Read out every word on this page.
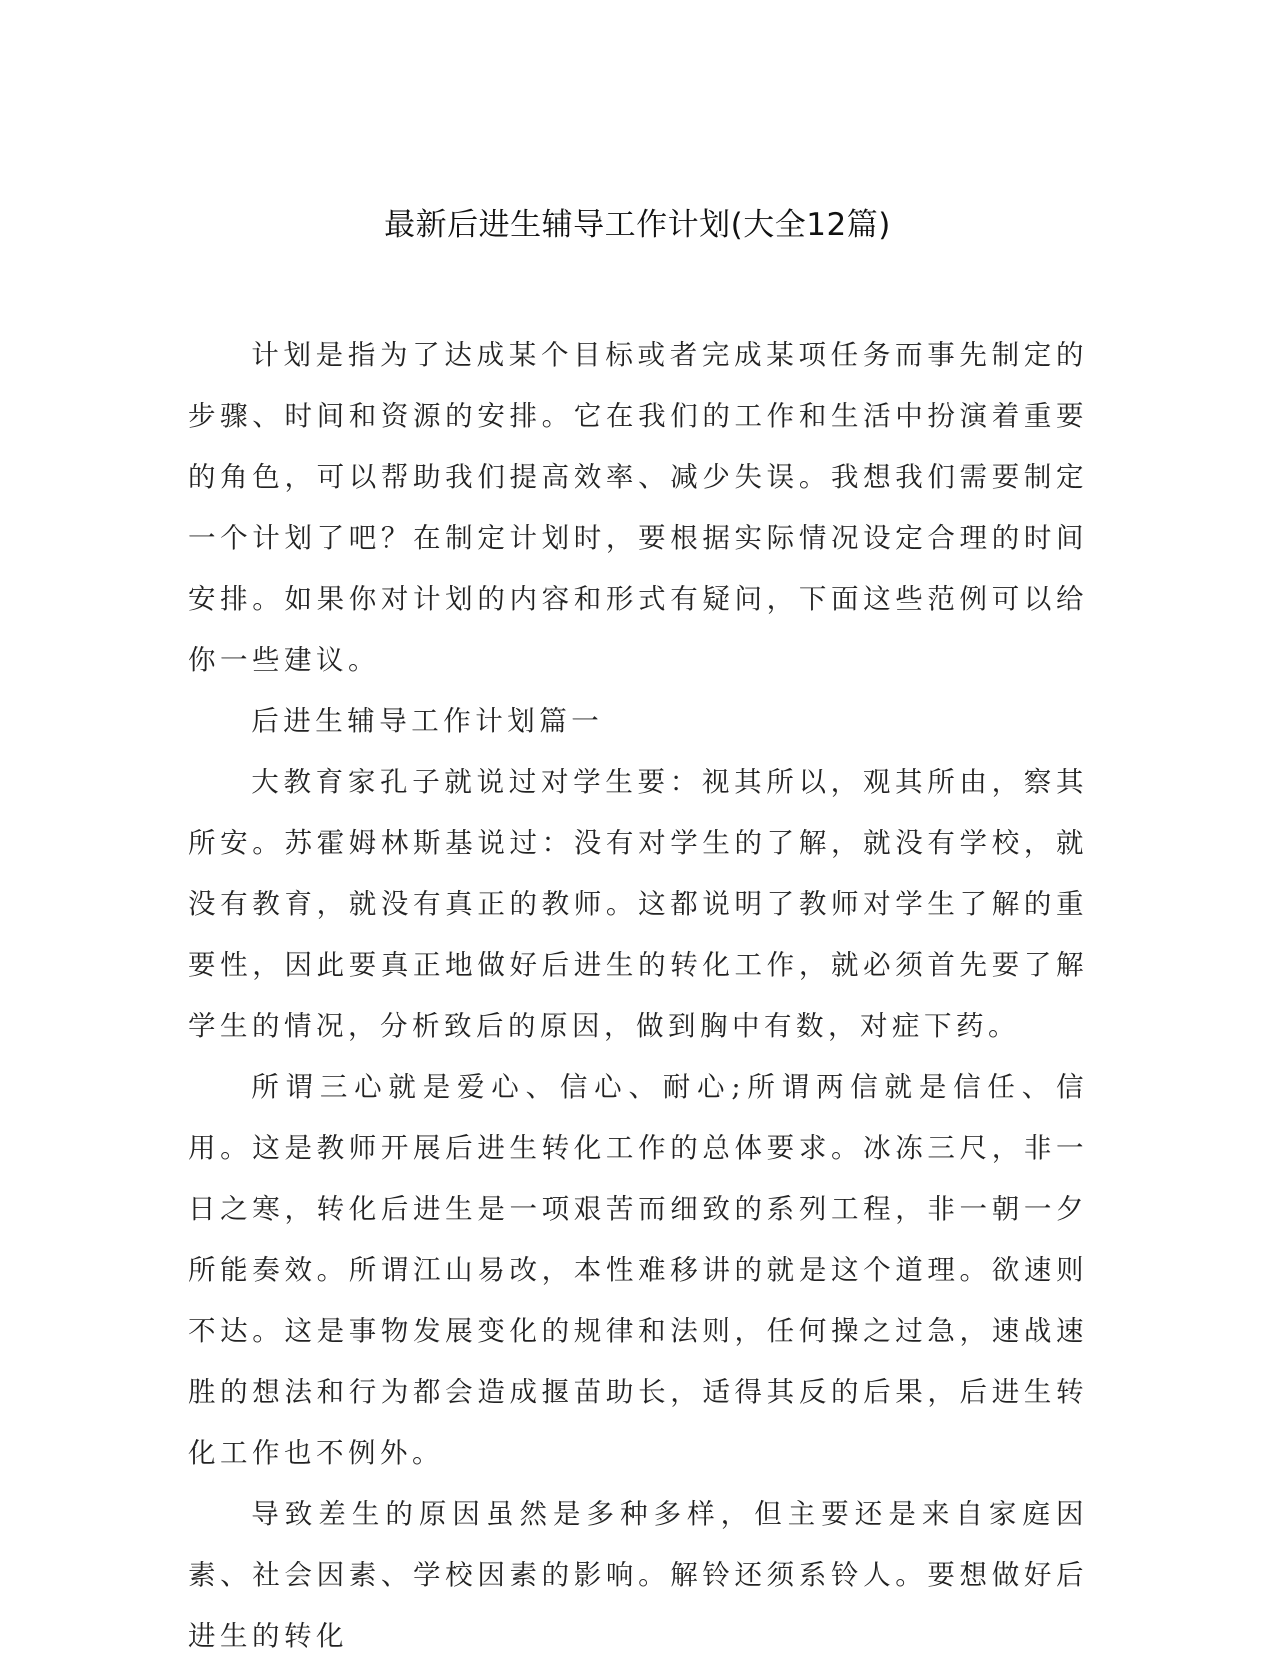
最新后进生辅导工作计划(大全12篇)

计划是指为了达成某个目标或者完成某项任务而事先制定的步骤、时间和资源的安排。它在我们的工作和生活中扮演着重要的角色，可以帮助我们提高效率、减少失误。我想我们需要制定一个计划了吧？在制定计划时，要根据实际情况设定合理的时间安排。如果你对计划的内容和形式有疑问，下面这些范例可以给你一些建议。

后进生辅导工作计划篇一

大教育家孔子就说过对学生要：视其所以，观其所由，察其所安。苏霍姆林斯基说过：没有对学生的了解，就没有学校，就没有教育，就没有真正的教师。这都说明了教师对学生了解的重要性，因此要真正地做好后进生的转化工作，就必须首先要了解学生的情况，分析致后的原因，做到胸中有数，对症下药。

所谓三心就是爱心、信心、耐心;所谓两信就是信任、信用。这是教师开展后进生转化工作的总体要求。冰冻三尺，非一日之寒，转化后进生是一项艰苦而细致的系列工程，非一朝一夕所能奏效。所谓江山易改，本性难移讲的就是这个道理。欲速则不达。这是事物发展变化的规律和法则，任何操之过急，速战速胜的想法和行为都会造成揠苗助长，适得其反的后果，后进生转化工作也不例外。

导致差生的原因虽然是多种多样，但主要还是来自家庭因素、社会因素、学校因素的影响。解铃还须系铃人。要想做好后进生的转化
